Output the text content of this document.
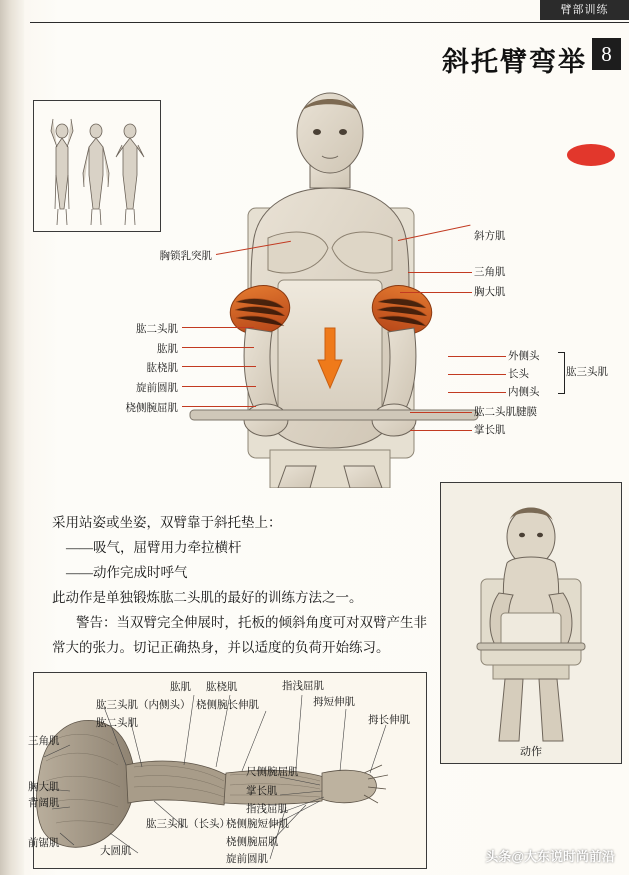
臂部训练
斜托臂弯举 8
胸锁乳突肌
肱二头肌
肱肌
肱桡肌
旋前圆肌
桡侧腕屈肌
斜方肌
三角肌
胸大肌
外侧头
长头
内侧头
肱三头肌
肱二头肌腱膜
掌长肌

采用站姿或坐姿，双臂靠于斜托垫上：

——吸气，屈臂用力牵拉横杆

——动作完成时呼气

此动作是单独锻炼肱二头肌的最好的训练方法之一。

警告：当双臂完全伸展时，托板的倾斜角度可对双臂产生非常大的张力。切记正确热身，并以适度的负荷开始练习。

动作
肱三头肌（内侧头）
肱二头肌
肱肌 肱桡肌
桡侧腕长伸肌
指浅屈肌
拇短伸肌
拇长伸肌
三角肌
胸大肌
背阔肌
前锯肌
大圆肌
肱三头肌（长头）
尺侧腕屈肌
掌长肌
指浅屈肌
桡侧腕短伸肌
桡侧腕屈肌
旋前圆肌	头条@大东说时尚前沿
